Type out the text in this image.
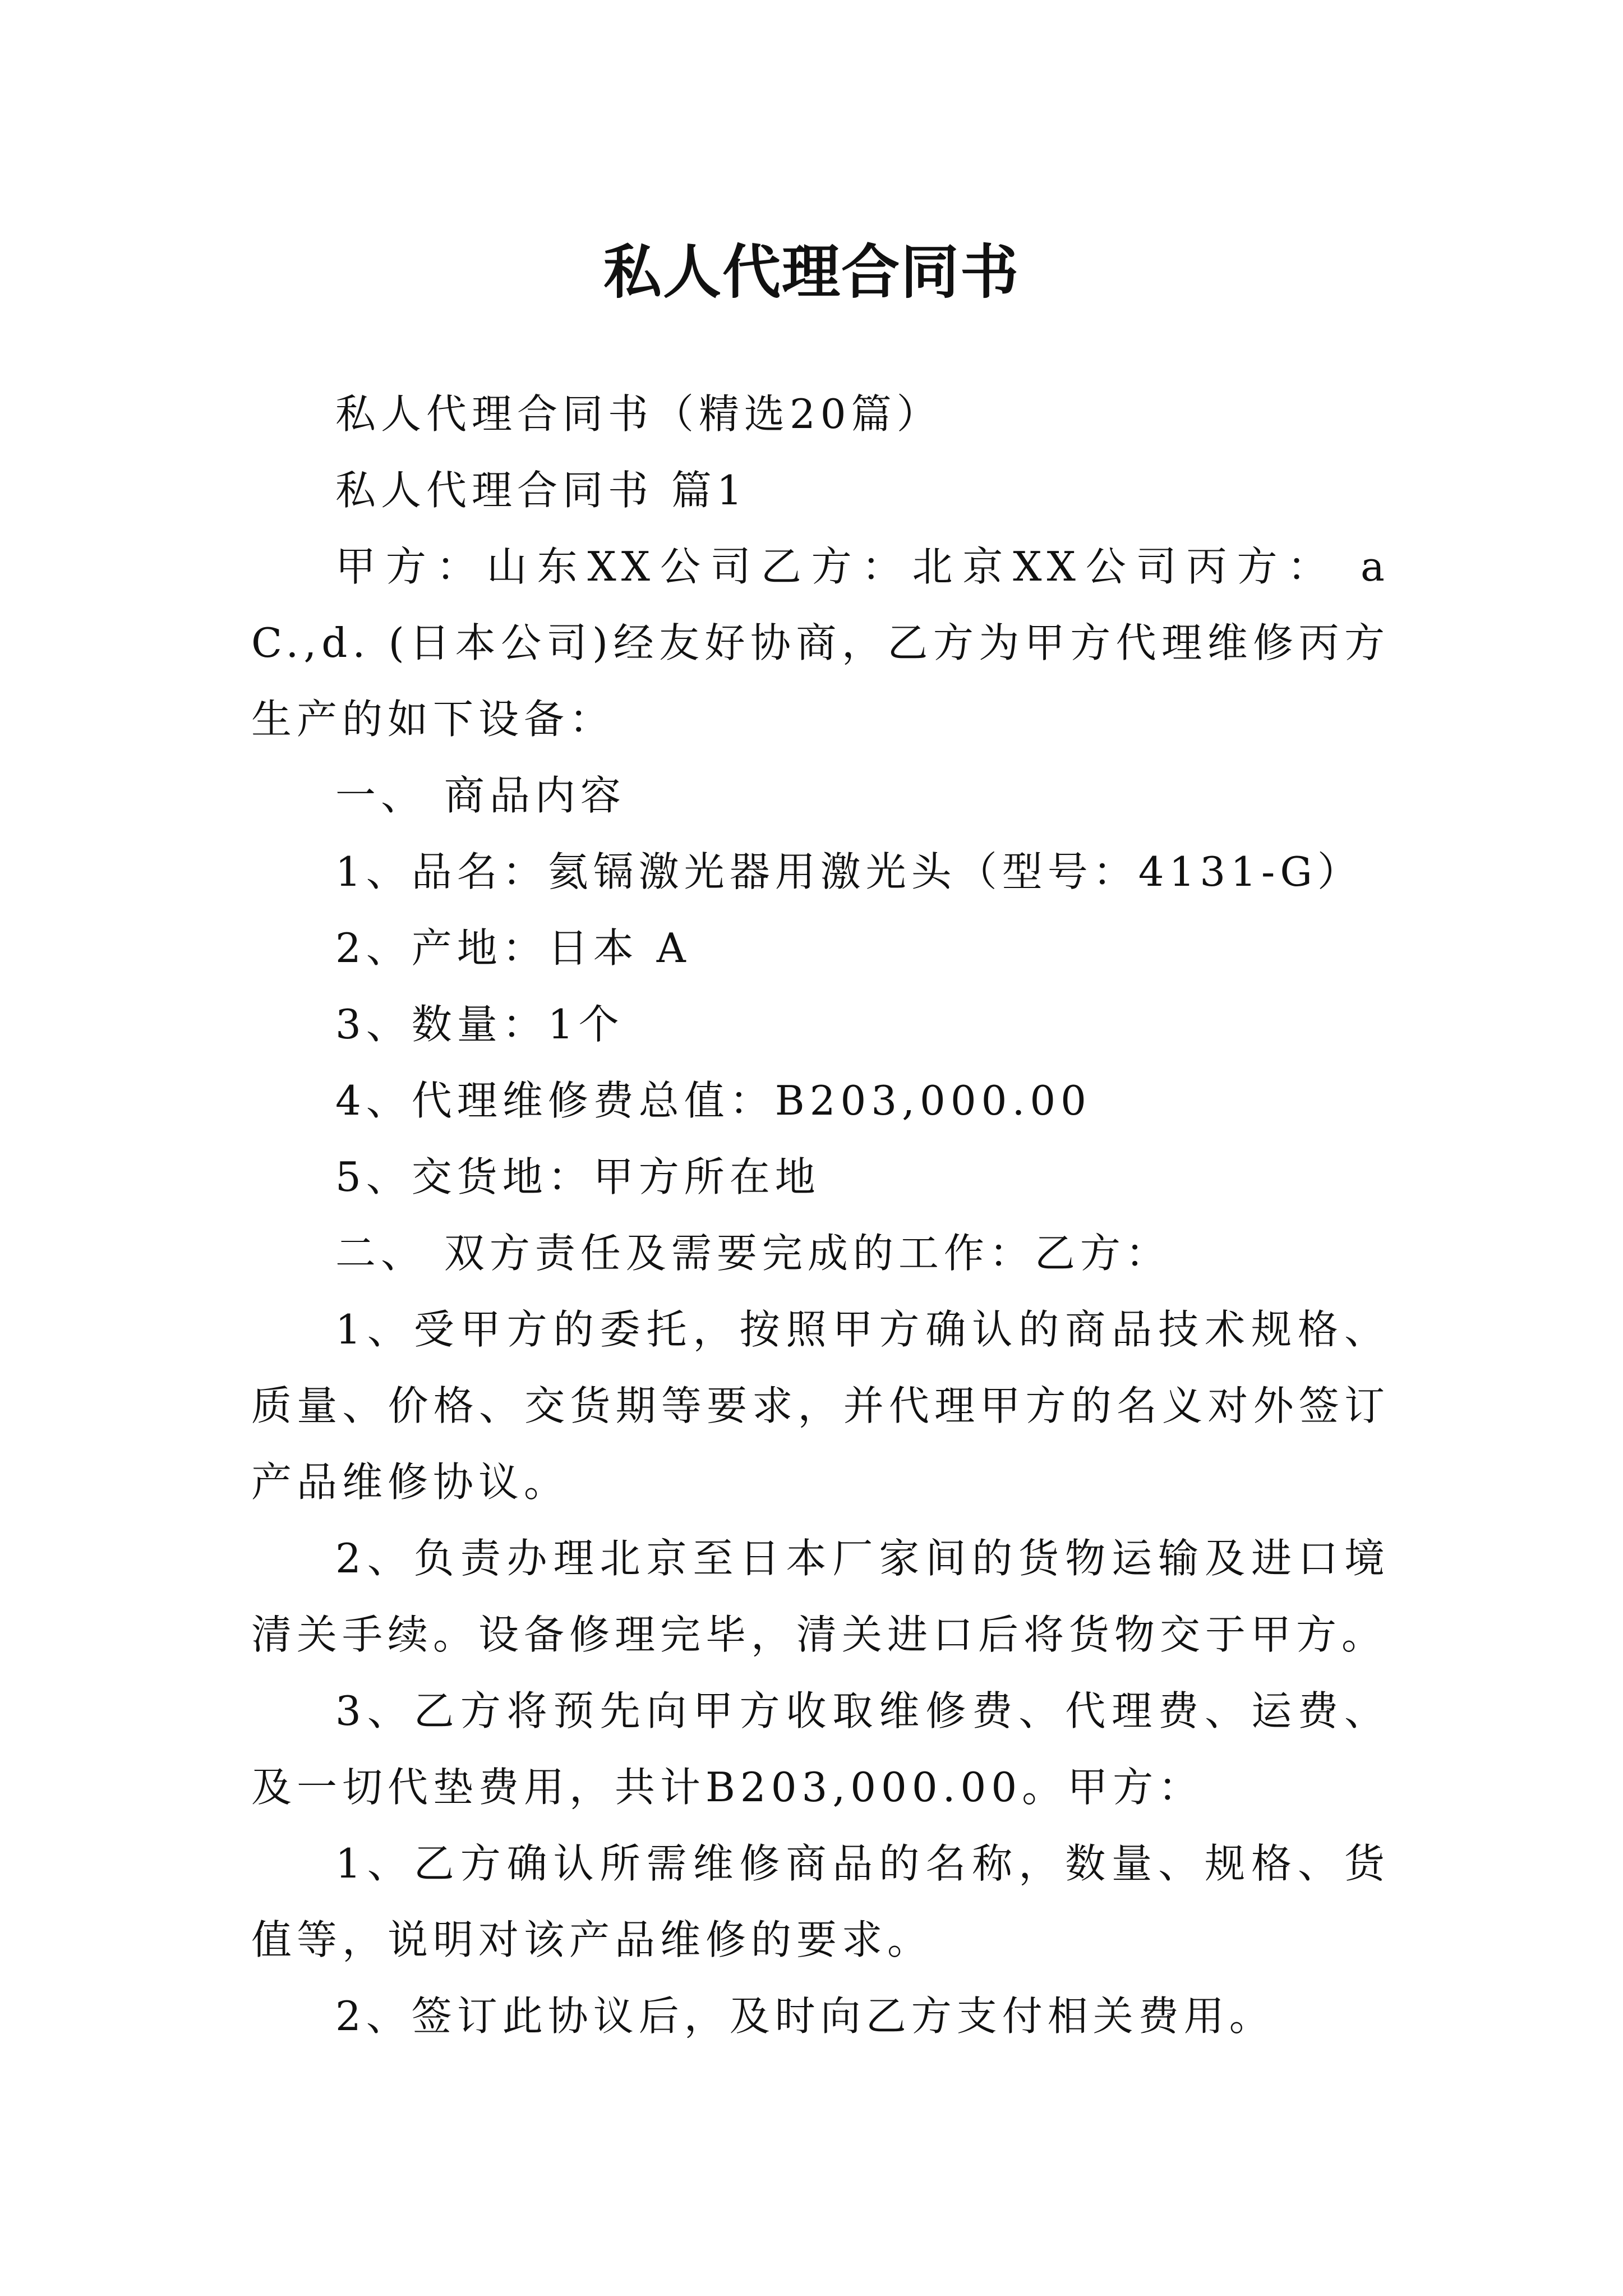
私人代理合同书

私人代理合同书（精选20篇）

私人代理合同书 篇1

甲方：山东XX公司乙方：北京XX公司丙方： a C.,d. (日本公司)经友好协商，乙方为甲方代理维修丙方生产的如下设备：

一、 商品内容

1、品名：氦镉激光器用激光头（型号：4131-G）

2、产地：日本 A

3、数量：1个

4、代理维修费总值：B203,000.00

5、交货地：甲方所在地

二、 双方责任及需要完成的工作：乙方：

1、受甲方的委托，按照甲方确认的商品技术规格、质量、价格、交货期等要求，并代理甲方的名义对外签订产品维修协议。

2、负责办理北京至日本厂家间的货物运输及进口境清关手续。设备修理完毕，清关进口后将货物交于甲方。

3、乙方将预先向甲方收取维修费、代理费、运费、及一切代垫费用，共计B203,000.00。甲方：

1、乙方确认所需维修商品的名称，数量、规格、货值等，说明对该产品维修的要求。

2、签订此协议后，及时向乙方支付相关费用。
